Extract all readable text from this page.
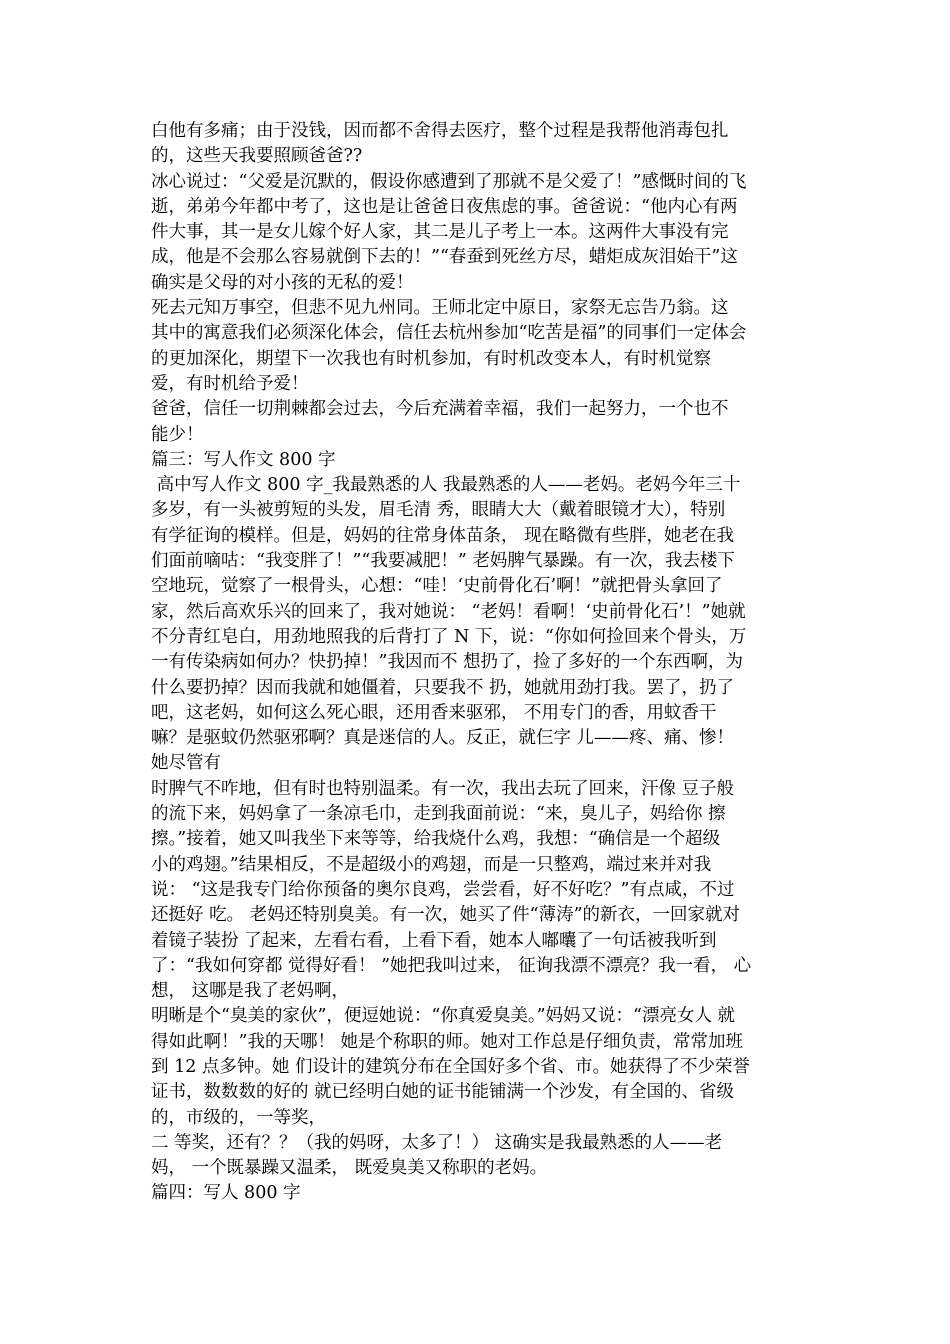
白他有多痛；由于没钱，因而都不舍得去医疗，整个过程是我帮他消毒包扎
的，这些天我要照顾爸爸??
冰心说过：“父爱是沉默的，假设你感遭到了那就不是父爱了！”感慨时间的飞
逝，弟弟今年都中考了，这也是让爸爸日夜焦虑的事。爸爸说：“他内心有两
件大事，其一是女儿嫁个好人家，其二是儿子考上一本。这两件大事没有完
成，他是不会那么容易就倒下去的！”“春蚕到死丝方尽，蜡炬成灰泪始干”这
确实是父母的对小孩的无私的爱！
死去元知万事空，但悲不见九州同。王师北定中原日，家祭无忘告乃翁。这
其中的寓意我们必须深化体会，信任去杭州参加“吃苦是福”的同事们一定体会
的更加深化，期望下一次我也有时机参加，有时机改变本人，有时机觉察
爱，有时机给予爱！
爸爸，信任一切荆棘都会过去，今后充满着幸福，我们一起努力，一个也不
能少！
篇三：写人作文 800 字
高中写人作文 800 字_我最熟悉的人 我最熟悉的人——老妈。老妈今年三十
多岁，有一头被剪短的头发，眉毛清 秀，眼睛大大（戴着眼镜才大），特别
有学征询的模样。但是，妈妈的往常身体苗条， 现在略微有些胖，她老在我
们面前嘀咕：“我变胖了！”“我要减肥！” 老妈脾气暴躁。有一次，我去楼下
空地玩，觉察了一根骨头，心想：“哇！‘史前骨化石’啊！”就把骨头拿回了
家，然后高欢乐兴的回来了，我对她说： “老妈！看啊！‘史前骨化石’！”她就
不分青红皂白，用劲地照我的后背打了 N 下，说：“你如何捡回来个骨头，万
一有传染病如何办？快扔掉！”我因而不 想扔了，捡了多好的一个东西啊，为
什么要扔掉？因而我就和她僵着，只要我不 扔，她就用劲打我。罢了，扔了
吧，这老妈，如何这么死心眼，还用香来驱邪， 不用专门的香，用蚊香干
嘛？是驱蚊仍然驱邪啊？真是迷信的人。反正，就仨字 儿——疼、痛、惨！
她尽管有
时脾气不咋地，但有时也特别温柔。有一次，我出去玩了回来，汗像 豆子般
的流下来，妈妈拿了一条凉毛巾，走到我面前说：“来，臭儿子，妈给你 擦
擦。”接着，她又叫我坐下来等等，给我烧什么鸡，我想：“确信是一个超级
小的鸡翅。”结果相反，不是超级小的鸡翅，而是一只整鸡，端过来并对我
说： “这是我专门给你预备的奥尔良鸡，尝尝看，好不好吃？”有点咸，不过
还挺好 吃。 老妈还特别臭美。有一次，她买了件“薄涛”的新衣，一回家就对
着镜子装扮 了起来，左看右看，上看下看，她本人嘟囔了一句话被我听到
了：“我如何穿都 觉得好看！ ”她把我叫过来， 征询我漂不漂亮？我一看， 心
想， 这哪是我了老妈啊，
明晰是个“臭美的家伙”，便逗她说：“你真爱臭美。”妈妈又说：“漂亮女人 就
得如此啊！”我的天哪！ 她是个称职的师。她对工作总是仔细负责，常常加班
到 12 点多钟。她 们设计的建筑分布在全国好多个省、市。她获得了不少荣誉
证书，数数数的好的 就已经明白她的证书能铺满一个沙发，有全国的、省级
的，市级的，一等奖，
二 等奖，还有？？（我的妈呀，太多了！） 这确实是我最熟悉的人——老
妈， 一个既暴躁又温柔， 既爱臭美又称职的老妈。
篇四：写人 800 字
